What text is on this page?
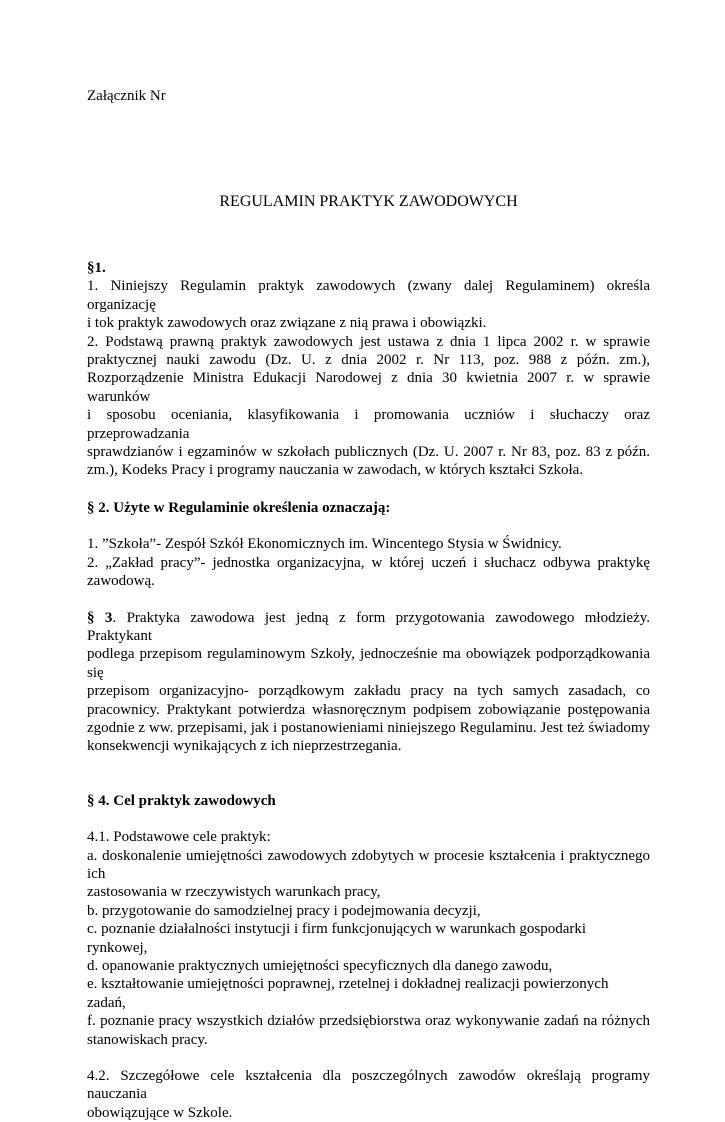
Załącznik Nr
REGULAMIN PRAKTYK ZAWODOWYCH
§1.
1. Niniejszy Regulamin praktyk zawodowych (zwany dalej Regulaminem) określa organizację
i tok praktyk zawodowych oraz związane z nią prawa i obowiązki.
2. Podstawą prawną praktyk zawodowych jest ustawa z dnia 1 lipca 2002 r. w sprawie
praktycznej nauki zawodu (Dz. U. z dnia 2002 r. Nr 113, poz. 988 z późn. zm.),
Rozporządzenie Ministra Edukacji Narodowej z dnia 30 kwietnia 2007 r. w sprawie warunków
i sposobu oceniania, klasyfikowania i promowania uczniów i słuchaczy oraz przeprowadzania
sprawdzianów i egzaminów w szkołach publicznych (Dz. U. 2007 r. Nr 83, poz. 83 z późn.
zm.), Kodeks Pracy i programy nauczania w zawodach, w których kształci Szkoła.
§ 2. Użyte w Regulaminie określenia oznaczają:
1. ”Szkoła”- Zespół Szkół Ekonomicznych im. Wincentego Stysia w Świdnicy.
2. „Zakład pracy”- jednostka organizacyjna, w której uczeń i słuchacz odbywa praktykę
zawodową.
§ 3. Praktyka zawodowa jest jedną z form przygotowania zawodowego młodzieży. Praktykant
podlega przepisom regulaminowym Szkoły, jednocześnie ma obowiązek podporządkowania się
przepisom organizacyjno- porządkowym zakładu pracy na tych samych zasadach, co
pracownicy. Praktykant potwierdza własnoręcznym podpisem zobowiązanie postępowania
zgodnie z ww. przepisami, jak i postanowieniami niniejszego Regulaminu. Jest też świadomy
konsekwencji wynikających z ich nieprzestrzegania.
§ 4. Cel praktyk zawodowych
4.1. Podstawowe cele praktyk:
a. doskonalenie umiejętności zawodowych zdobytych w procesie kształcenia i praktycznego ich
zastosowania w rzeczywistych warunkach pracy,
b. przygotowanie do samodzielnej pracy i podejmowania decyzji,
c. poznanie działalności instytucji i firm funkcjonujących w warunkach gospodarki rynkowej,
d. opanowanie praktycznych umiejętności specyficznych dla danego zawodu,
e. kształtowanie umiejętności poprawnej, rzetelnej i dokładnej realizacji powierzonych zadań,
f. poznanie pracy wszystkich działów przedsiębiorstwa oraz wykonywanie zadań na różnych
stanowiskach pracy.
4.2. Szczegółowe cele kształcenia dla poszczególnych zawodów określają programy nauczania
obowiązujące w Szkole.
